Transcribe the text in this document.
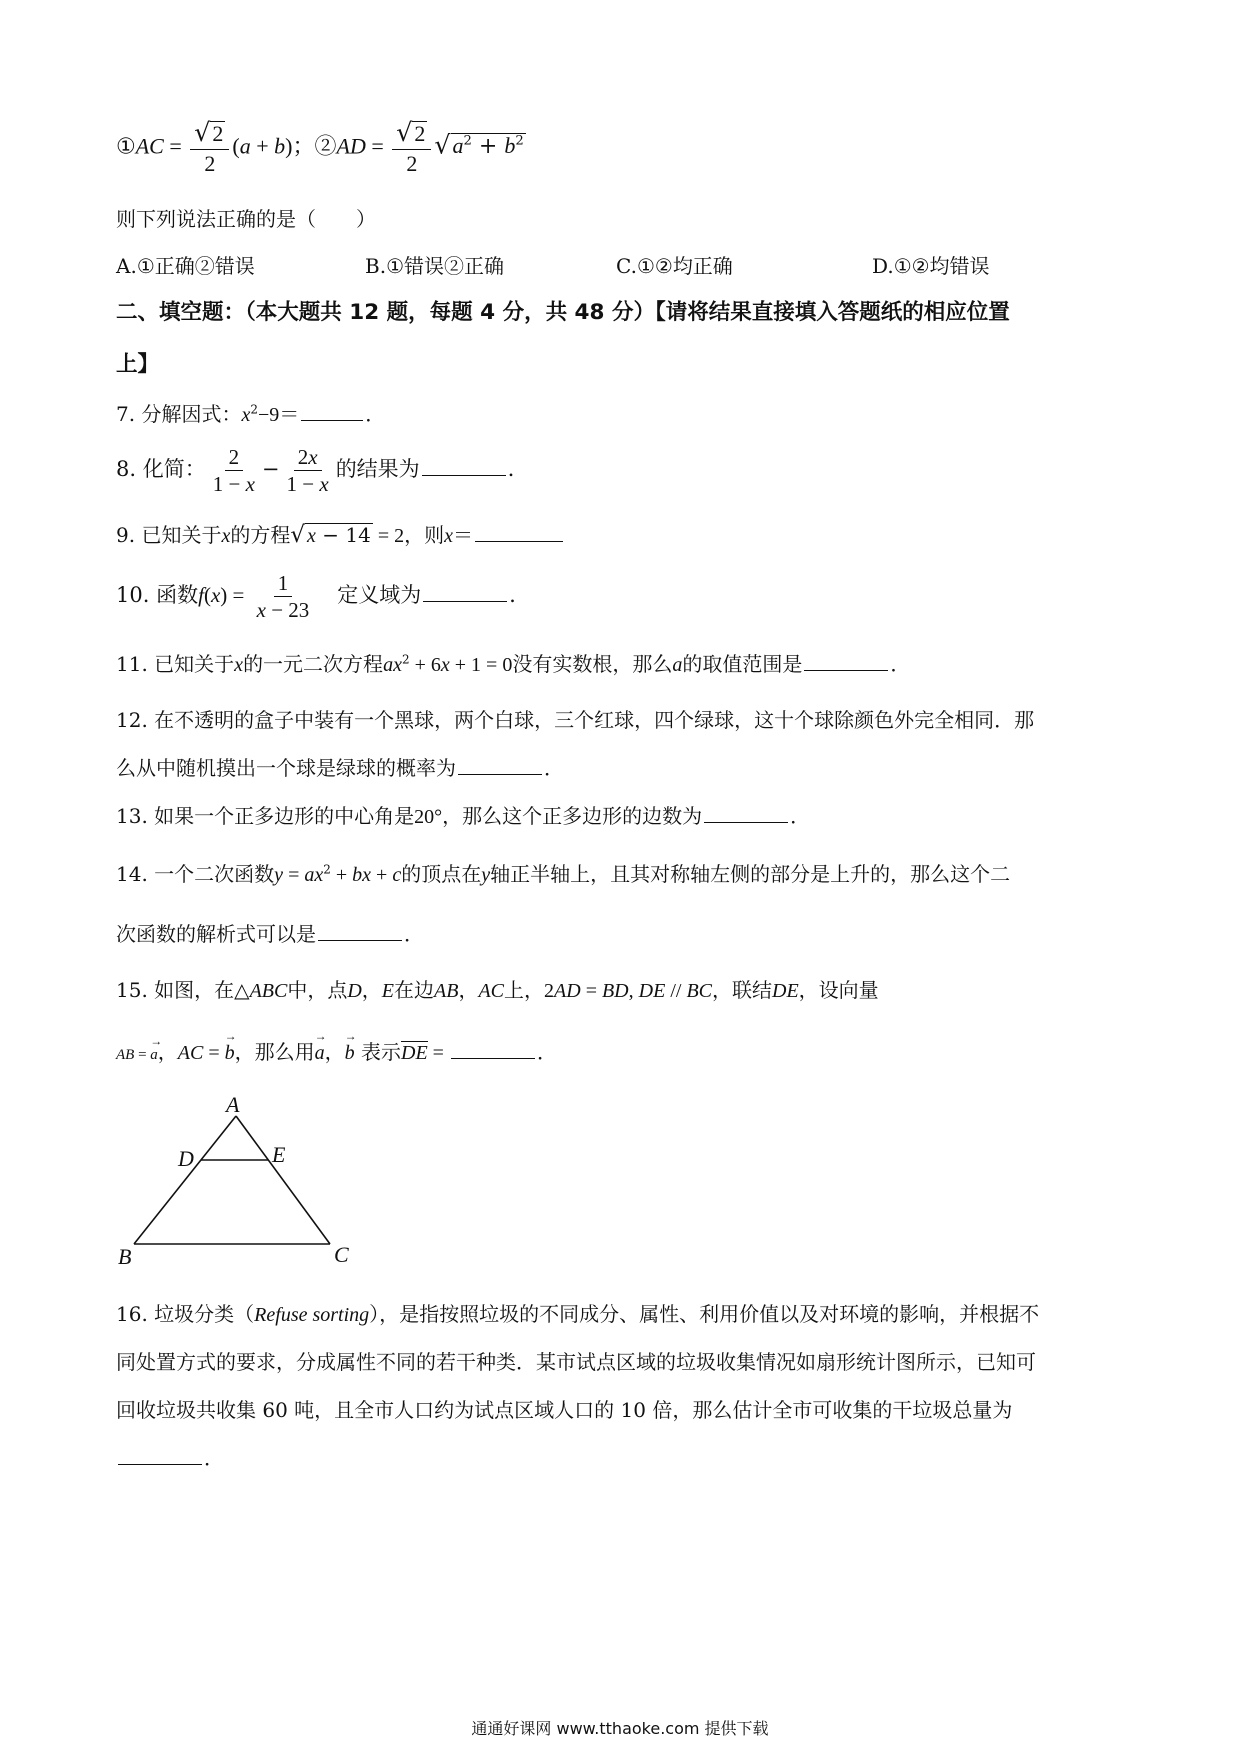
①AC = $\frac{√2}{2} (a + b)$；②AD = $\frac{√2}{2} √a^2 + b^2$
则下列说法正确的是（　　）
A.①正确②错误	B.①错误②正确	C.①②均正确	D.①②均错误
二、填空题：（本大题共 12 题，每题 4 分，共 48 分）【请将结果直接填入答题纸的相应位置
上】
7. 分解因式：$x^2-9=$	．
8. 化简： $\frac{2}{1 - x} - \frac{2x}{1 - x}$ 的结果为	．
9. 已知关于x的方程√ x − 14 = 2，则x＝
10. 函数$f(x) = \frac{1}{x - 23}$
　 定义域为	．
11. 已知关于x的一元二次方程$ax^2 + 6x + 1 = 0$没有实数根，那么a的取值范围是	．
12. 在不透明的盒子中装有一个黑球，两个白球，三个红球，四个绿球，这十个球除颜色外完全相同．那
么从中随机摸出一个球是绿球的概率为	．
13. 如果一个正多边形的中心角是20°，那么这个正多边形的边数为	．
14. 一个二次函数$y = ax^2$ + bx + c的顶点在y轴正半轴上，且其对称轴左侧的部分是上升的，那么这个二
次函数的解析式可以是	．
15. 如图，在△ABC中，点D，E在边AB，AC上，2AD = BD, DE // BC，联结DE，设向量
AB = → a，AC = → b，那么用→ a，→ b 表示DE =	．
A
D	E
B	C
16. 垃圾分类（Refuse sorting），是指按照垃圾的不同成分、属性、利用价值以及对环境的影响，并根据不
同处置方式的要求，分成属性不同的若干种类．某市试点区域的垃圾收集情况如扇形统计图所示，已知可
回收垃圾共收集 60 吨，且全市人口约为试点区域人口的 10 倍，那么估计全市可收集的干垃圾总量为
．
通通好课网 www.tthaoke.com 提供下载
